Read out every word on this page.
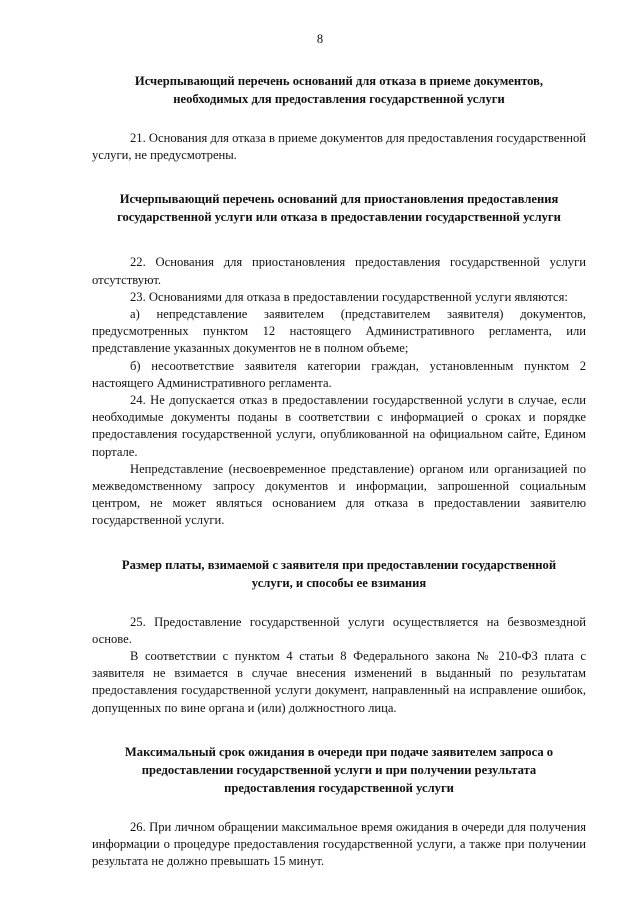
8
Исчерпывающий перечень оснований для отказа в приеме документов,
необходимых для предоставления государственной услуги

21. Основания для отказа в приеме документов для предоставления государственной услуги, не предусмотрены.

Исчерпывающий перечень оснований для приостановления предоставления
государственной услуги или отказа в предоставлении государственной услуги

22. Основания для приостановления предоставления государственной услуги отсутствуют.

23. Основаниями для отказа в предоставлении государственной услуги являются:

а) непредставление заявителем (представителем заявителя) документов, предусмотренных пунктом 12 настоящего Административного регламента, или представление указанных документов не в полном объеме;

б) несоответствие заявителя категории граждан, установленным пунктом 2 настоящего Административного регламента.

24. Не допускается отказ в предоставлении государственной услуги в случае, если необходимые документы поданы в соответствии с информацией о сроках и порядке предоставления государственной услуги, опубликованной на официальном сайте, Едином портале.

Непредставление (несвоевременное представление) органом или организацией по межведомственному запросу документов и информации, запрошенной социальным центром, не может являться основанием для отказа в предоставлении заявителю государственной услуги.

Размер платы, взимаемой с заявителя при предоставлении государственной
услуги, и способы ее взимания

25. Предоставление государственной услуги осуществляется на безвозмездной основе.

В соответствии с пунктом 4 статьи 8 Федерального закона № 210-ФЗ плата с заявителя не взимается в случае внесения изменений в выданный по результатам предоставления государственной услуги документ, направленный на исправление ошибок, допущенных по вине органа и (или) должностного лица.

Максимальный срок ожидания в очереди при подаче заявителем запроса о
предоставлении государственной услуги и при получении результата
предоставления государственной услуги

26. При личном обращении максимальное время ожидания в очереди для получения информации о процедуре предоставления государственной услуги, а также при получении результата не должно превышать 15 минут.
